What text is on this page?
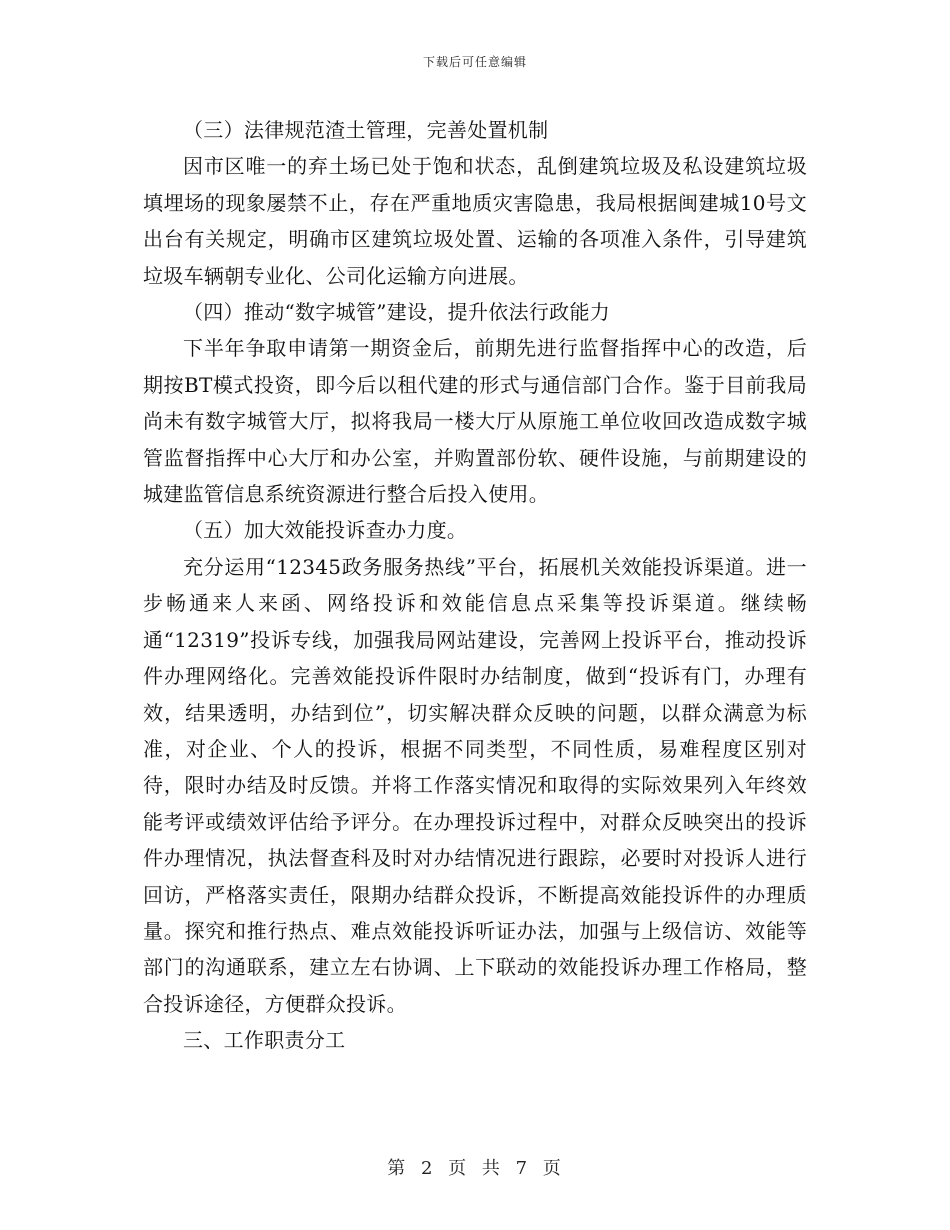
下载后可任意编辑

（三）法律规范渣土管理，完善处置机制

因市区唯一的弃土场已处于饱和状态，乱倒建筑垃圾及私设建筑垃圾填埋场的现象屡禁不止，存在严重地质灾害隐患，我局根据闽建城10号文出台有关规定，明确市区建筑垃圾处置、运输的各项准入条件，引导建筑垃圾车辆朝专业化、公司化运输方向进展。

（四）推动“数字城管”建设，提升依法行政能力

下半年争取申请第一期资金后，前期先进行监督指挥中心的改造，后期按BT模式投资，即今后以租代建的形式与通信部门合作。鉴于目前我局尚未有数字城管大厅，拟将我局一楼大厅从原施工单位收回改造成数字城管监督指挥中心大厅和办公室，并购置部份软、硬件设施，与前期建设的城建监管信息系统资源进行整合后投入使用。

（五）加大效能投诉查办力度。

充分运用“12345政务服务热线”平台，拓展机关效能投诉渠道。进一步畅通来人来函、网络投诉和效能信息点采集等投诉渠道。继续畅通“12319”投诉专线，加强我局网站建设，完善网上投诉平台，推动投诉件办理网络化。完善效能投诉件限时办结制度，做到“投诉有门，办理有效，结果透明，办结到位”，切实解决群众反映的问题，以群众满意为标准，对企业、个人的投诉，根据不同类型，不同性质，易难程度区别对待，限时办结及时反馈。并将工作落实情况和取得的实际效果列入年终效能考评或绩效评估给予评分。在办理投诉过程中，对群众反映突出的投诉件办理情况，执法督查科及时对办结情况进行跟踪，必要时对投诉人进行回访，严格落实责任，限期办结群众投诉，不断提高效能投诉件的办理质量。探究和推行热点、难点效能投诉听证办法，加强与上级信访、效能等部门的沟通联系，建立左右协调、上下联动的效能投诉办理工作格局，整合投诉途径，方便群众投诉。

三、工作职责分工

第 2 页 共 7 页
